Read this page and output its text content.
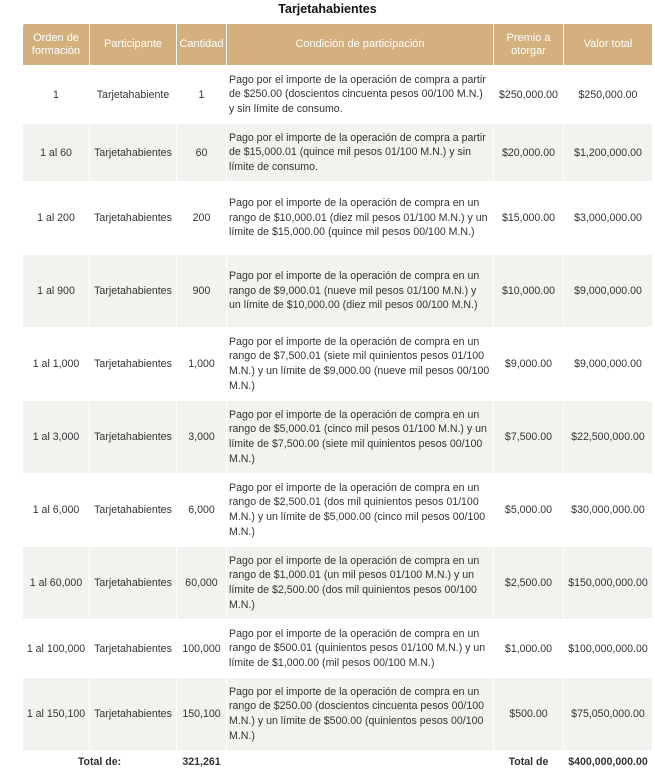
Tarjetahabientes
Orden de formación	Participante	Cantidad	Condición de participación	Premio a otorgar	Valor total
1	Tarjetahabiente	1	Pago por el importe de la operación de compra a partir de $250.00 (doscientos cincuenta pesos 00/100 M.N.) y sin límite de consumo.	$250,000.00	$250,000.00
1 al 60	Tarjetahabientes	60	Pago por el importe de la operación de compra a partir de $15,000.01 (quince mil pesos 01/100 M.N.) y sin límite de consumo.	$20,000.00	$1,200,000.00
1 al 200	Tarjetahabientes	200	Pago por el importe de la operación de compra en un rango de $10,000.01 (diez mil pesos 01/100 M.N.) y un límite de $15,000.00 (quince mil pesos 00/100 M.N.)	$15,000.00	$3,000,000.00
1 al 900	Tarjetahabientes	900	Pago por el importe de la operación de compra en un rango de $9,000.01 (nueve mil pesos 01/100 M.N.) y un límite de $10,000.00 (diez mil pesos 00/100 M.N.)	$10,000.00	$9,000,000.00
1 al 1,000	Tarjetahabientes	1,000	Pago por el importe de la operación de compra en un rango de $7,500.01 (siete mil quinientos pesos 01/100 M.N.) y un límite de $9,000.00 (nueve mil pesos 00/100 M.N.)	$9,000.00	$9,000,000.00
1 al 3,000	Tarjetahabientes	3,000	Pago por el importe de la operación de compra en un rango de $5,000.01 (cinco mil pesos 01/100 M.N.) y un límite de $7,500.00 (siete mil quinientos pesos 00/100 M.N.)	$7,500.00	$22,500,000.00
1 al 6,000	Tarjetahabientes	6,000	Pago por el importe de la operación de compra en un rango de $2,500.01 (dos mil quinientos pesos 01/100 M.N.) y un límite de $5,000.00 (cinco mil pesos 00/100 M.N.)	$5,000.00	$30,000,000.00
1 al 60,000	Tarjetahabientes	60,000	Pago por el importe de la operación de compra en un rango de $1,000.01 (un mil pesos 01/100 M.N.) y un límite de $2,500.00 (dos mil quinientos pesos 00/100 M.N.)	$2,500.00	$150,000,000.00
1 al 100,000	Tarjetahabientes	100,000	Pago por el importe de la operación de compra en un rango de $500.01 (quinientos pesos 01/100 M.N.) y un límite de $1,000.00 (mil pesos 00/100 M.N.)	$1,000.00	$100,000,000.00
1 al 150,100	Tarjetahabientes	150,100	Pago por el importe de la operación de compra en un rango de $250.00 (doscientos cincuenta pesos 00/100 M.N.) y un límite de $500.00 (quinientos pesos 00/100 M.N.)	$500.00	$75,050,000.00
Total de:		321,261		Total de	$400,000,000.00
